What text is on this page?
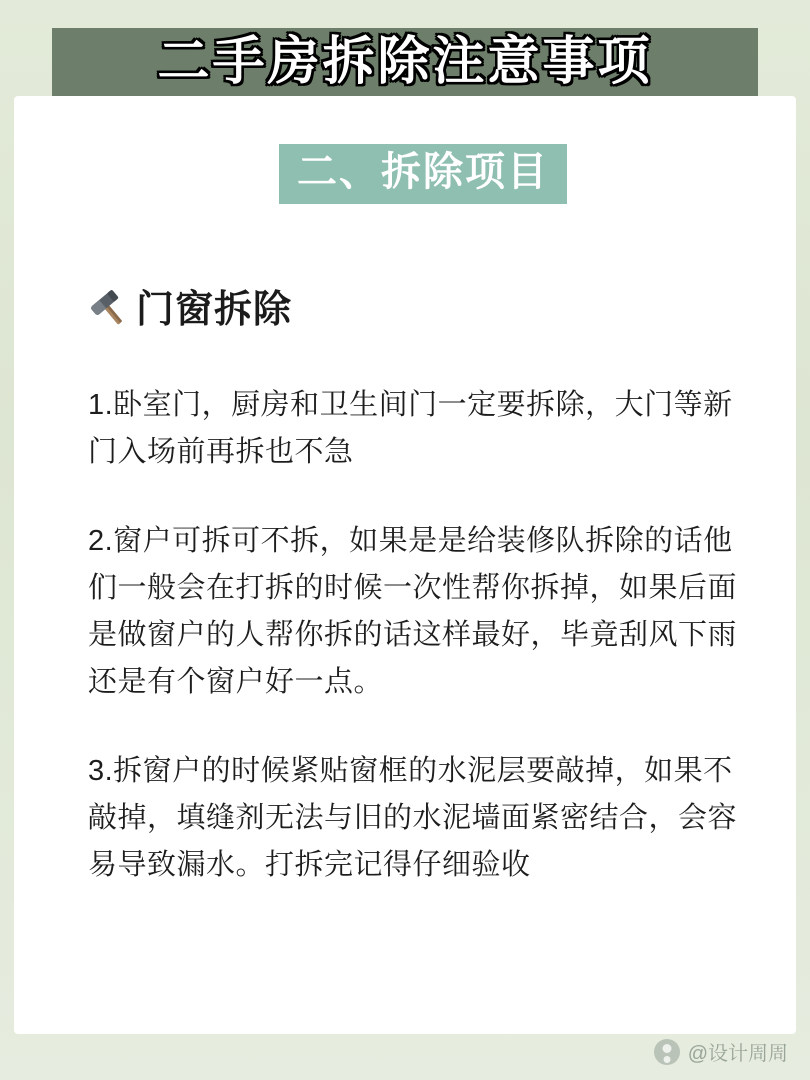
二手房拆除注意事项
二、拆除项目
门窗拆除

1.卧室门，厨房和卫生间门一定要拆除，大门等新门入场前再拆也不急

2.窗户可拆可不拆，如果是是给装修队拆除的话他们一般会在打拆的时候一次性帮你拆掉，如果后面是做窗户的人帮你拆的话这样最好，毕竟刮风下雨还是有个窗户好一点。

3.拆窗户的时候紧贴窗框的水泥层要敲掉，如果不敲掉，填缝剂无法与旧的水泥墙面紧密结合，会容易导致漏水。打拆完记得仔细验收

@设计周周
